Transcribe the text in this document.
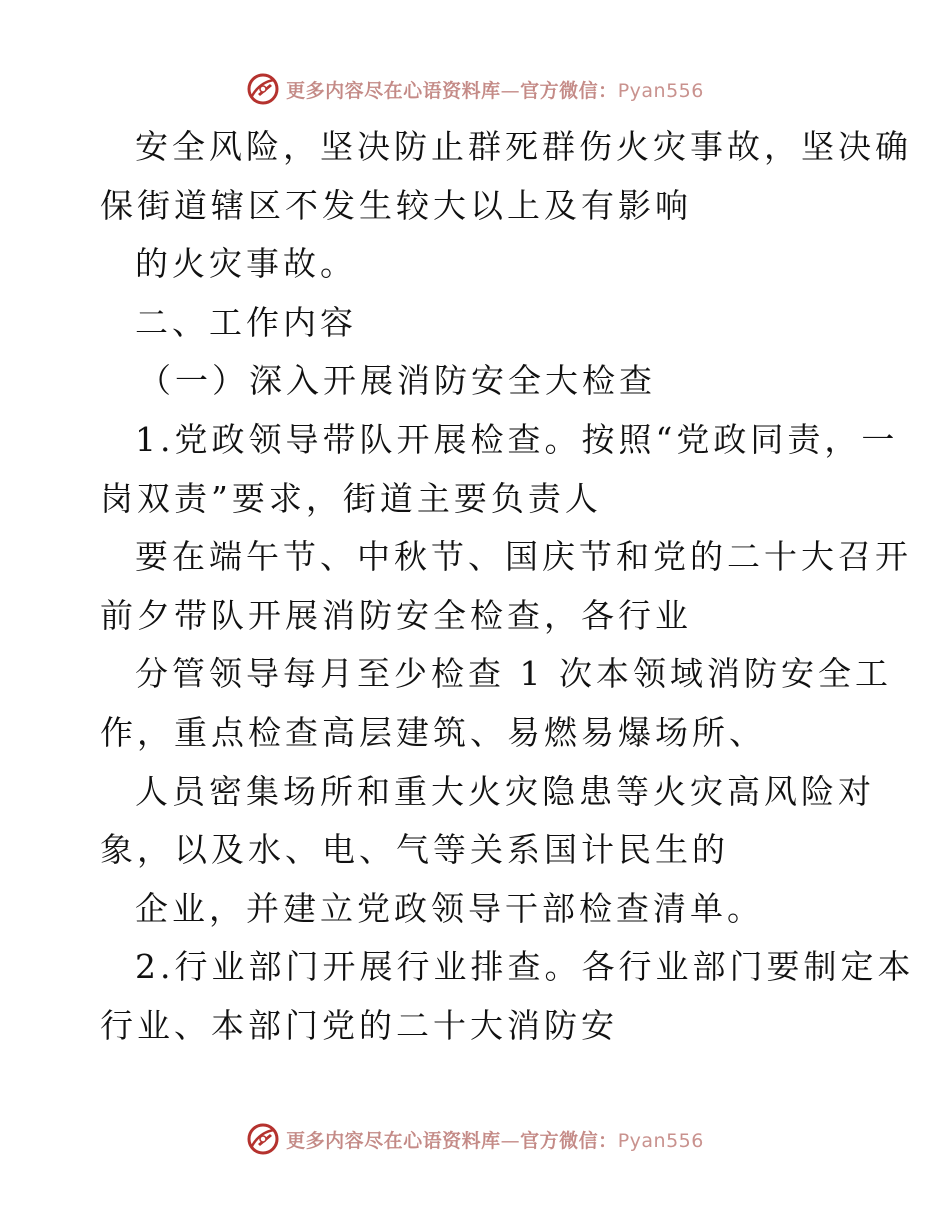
更多内容尽在心语资料库—官方微信：Pyan556
安全风险，坚决防止群死群伤火灾事故，坚决确
保街道辖区不发生较大以上及有影响
的火灾事故。
二、工作内容
（一）深入开展消防安全大检查
1.党政领导带队开展检查。按照“党政同责，一
岗双责”要求，街道主要负责人
要在端午节、中秋节、国庆节和党的二十大召开
前夕带队开展消防安全检查，各行业
分管领导每月至少检查 1 次本领域消防安全工
作，重点检查高层建筑、易燃易爆场所、
人员密集场所和重大火灾隐患等火灾高风险对
象，以及水、电、气等关系国计民生的
企业，并建立党政领导干部检查清单。
2.行业部门开展行业排查。各行业部门要制定本
行业、本部门党的二十大消防安
更多内容尽在心语资料库—官方微信：Pyan556
